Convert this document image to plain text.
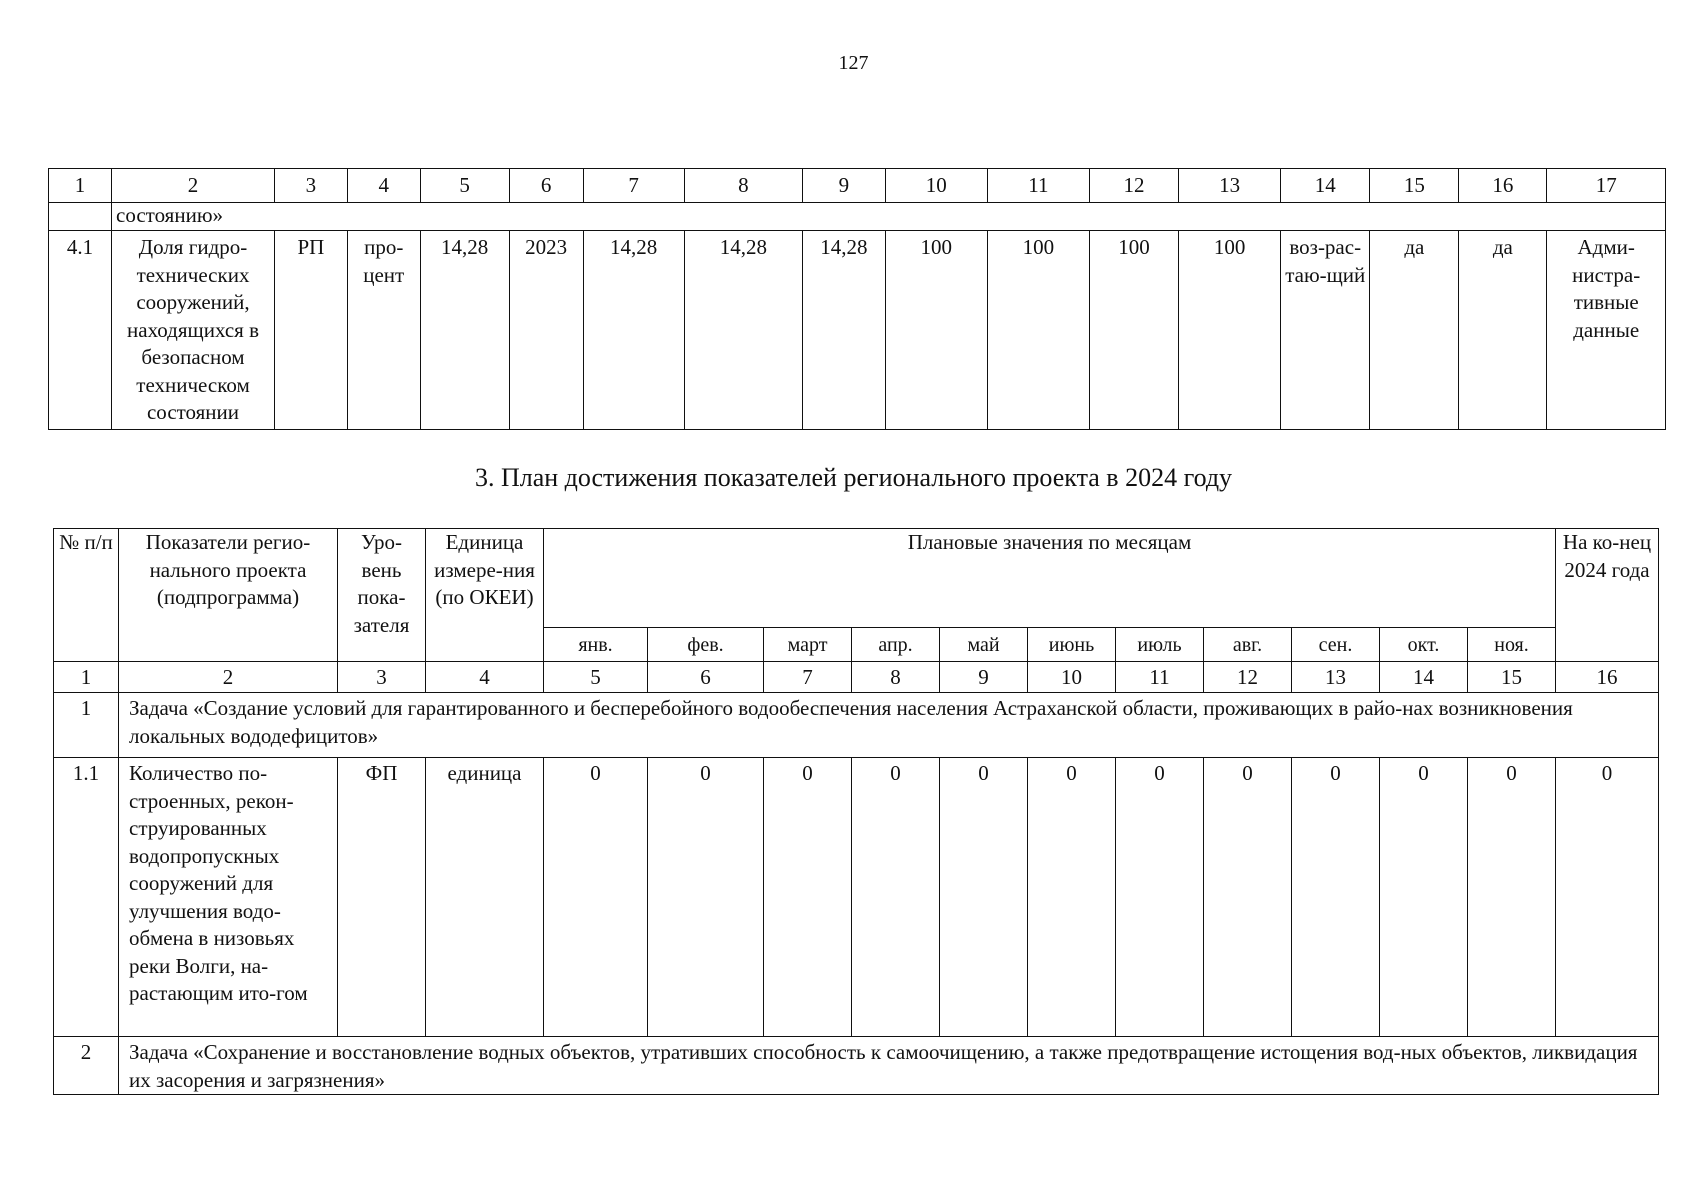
127
1	2	3	4	5	6	7	8	9	10	11	12	13	14	15	16	17
	состоянию»															
4.1	Доля гидро-технических сооружений, находящихся в безопасном техническом состоянии	РП	про-цент	14,28	2023	14,28	14,28	14,28	100	100	100	100	воз-рас-таю-щий	да	да	Адми-нистра-тивные данные
3. План достижения показателей регионального проекта в 2024 году
№ п/п	Показатели регио-нального проекта (подпрограмма)	Уро-вень пока-зателя	Единица измере-ния (по ОКЕИ)	Плановые значения по месяцам											На ко-нец 2024 года
				янв.	фев.	март	апр.	май	июнь	июль	авг.	сен.	окт.	ноя.	
1	2	3	4	5	6	7	8	9	10	11	12	13	14	15	16
1	Задача «Создание условий для гарантированного и бесперебойного водообеспечения населения Астраханской области, проживающих в райо-нах возникновения локальных вододефицитов»														
1.1	Количество по-строенных, рекон-струированных водопропускных сооружений для улучшения водо-обмена в низовьях реки Волги, на-растающим ито-гом	ФП	единица	0	0	0	0	0	0	0	0	0	0	0	0
2	Задача «Сохранение и восстановление водных объектов, утративших способность к самоочищению, а также предотвращение истощения вод-ных объектов, ликвидация их засорения и загрязнения»														
